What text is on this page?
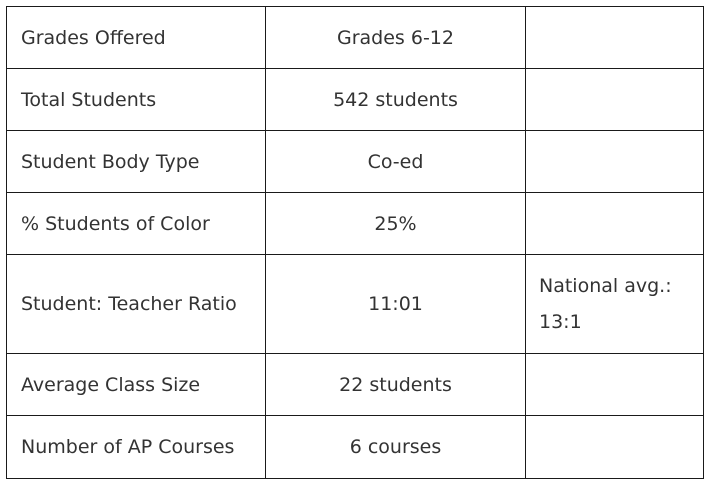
Grades Offered	Grades 6-12	
Total Students	542 students	
Student Body Type	Co-ed	
% Students of Color	25%	
Student: Teacher Ratio	11:01	National avg.: 13:1
Average Class Size	22 students	
Number of AP Courses	6 courses	
